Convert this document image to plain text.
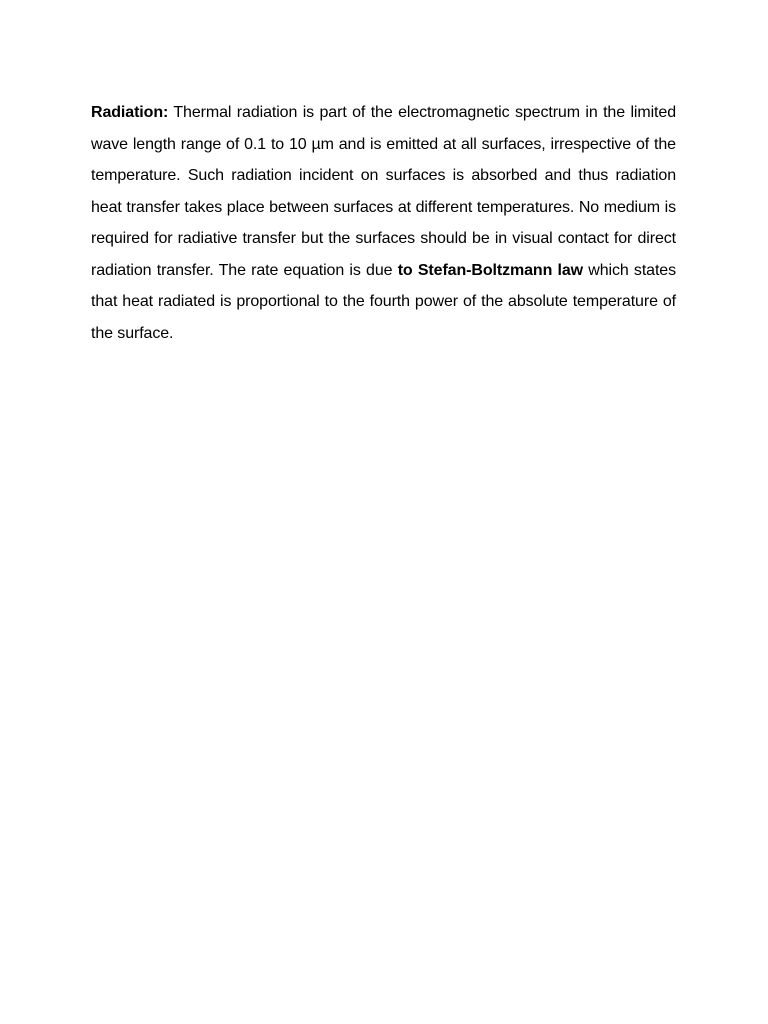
Radiation: Thermal radiation is part of the electromagnetic spectrum in the limited wave length range of 0.1 to 10 µm and is emitted at all surfaces, irrespective of the temperature. Such radiation incident on surfaces is absorbed and thus radiation heat transfer takes place between surfaces at different temperatures. No medium is required for radiative transfer but the surfaces should be in visual contact for direct radiation transfer. The rate equation is due to Stefan-Boltzmann law which states that heat radiated is proportional to the fourth power of the absolute temperature of the surface.
